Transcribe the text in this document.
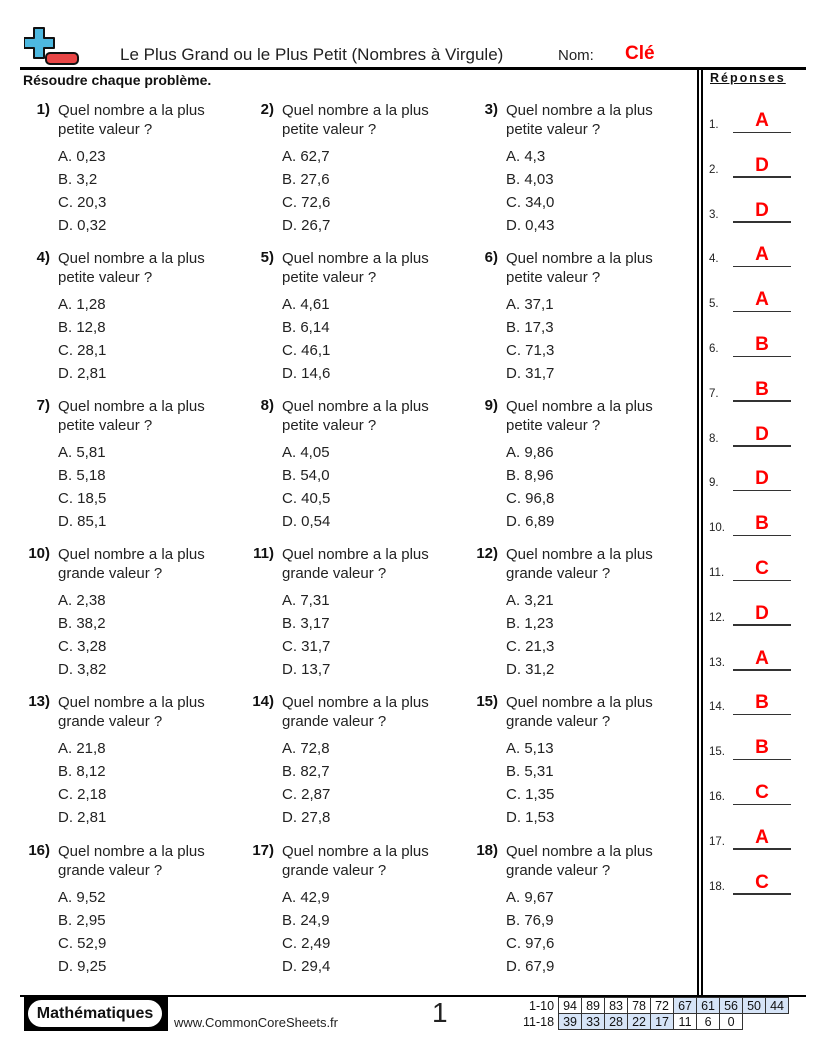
Le Plus Grand ou le Plus Petit (Nombres à Virgule)	Nom: Clé
Résoudre chaque problème.
1) Quel nombre a la plus petite valeur ?
A. 0,23
B. 3,2
C. 20,3
D. 0,32
2) Quel nombre a la plus petite valeur ?
A. 62,7
B. 27,6
C. 72,6
D. 26,7
3) Quel nombre a la plus petite valeur ?
A. 4,3
B. 4,03
C. 34,0
D. 0,43
4) Quel nombre a la plus petite valeur ?
A. 1,28
B. 12,8
C. 28,1
D. 2,81
5) Quel nombre a la plus petite valeur ?
A. 4,61
B. 6,14
C. 46,1
D. 14,6
6) Quel nombre a la plus petite valeur ?
A. 37,1
B. 17,3
C. 71,3
D. 31,7
7) Quel nombre a la plus petite valeur ?
A. 5,81
B. 5,18
C. 18,5
D. 85,1
8) Quel nombre a la plus petite valeur ?
A. 4,05
B. 54,0
C. 40,5
D. 0,54
9) Quel nombre a la plus petite valeur ?
A. 9,86
B. 8,96
C. 96,8
D. 6,89
10) Quel nombre a la plus grande valeur ?
A. 2,38
B. 38,2
C. 3,28
D. 3,82
11) Quel nombre a la plus grande valeur ?
A. 7,31
B. 3,17
C. 31,7
D. 13,7
12) Quel nombre a la plus grande valeur ?
A. 3,21
B. 1,23
C. 21,3
D. 31,2
13) Quel nombre a la plus grande valeur ?
A. 21,8
B. 8,12
C. 2,18
D. 2,81
14) Quel nombre a la plus grande valeur ?
A. 72,8
B. 82,7
C. 2,87
D. 27,8
15) Quel nombre a la plus grande valeur ?
A. 5,13
B. 5,31
C. 1,35
D. 1,53
16) Quel nombre a la plus grande valeur ?
A. 9,52
B. 2,95
C. 52,9
D. 9,25
17) Quel nombre a la plus grande valeur ?
A. 42,9
B. 24,9
C. 2,49
D. 29,4
18) Quel nombre a la plus grande valeur ?
A. 9,67
B. 76,9
C. 97,6
D. 67,9
Réponses
1.	A
2.	D
3.	D
4.	A
5.	A
6.	B
7.	B
8.	D
9.	D
10.	B
11.	C
12.	D
13.	A
14.	B
15.	B
16.	C
17.	A
18.	C
Mathématiques
www.CommonCoreSheets.fr	1	1-10	94	89	83	78	72	67	61	56	50	44
11-18	39	33	28	22	17	11	6	0		
